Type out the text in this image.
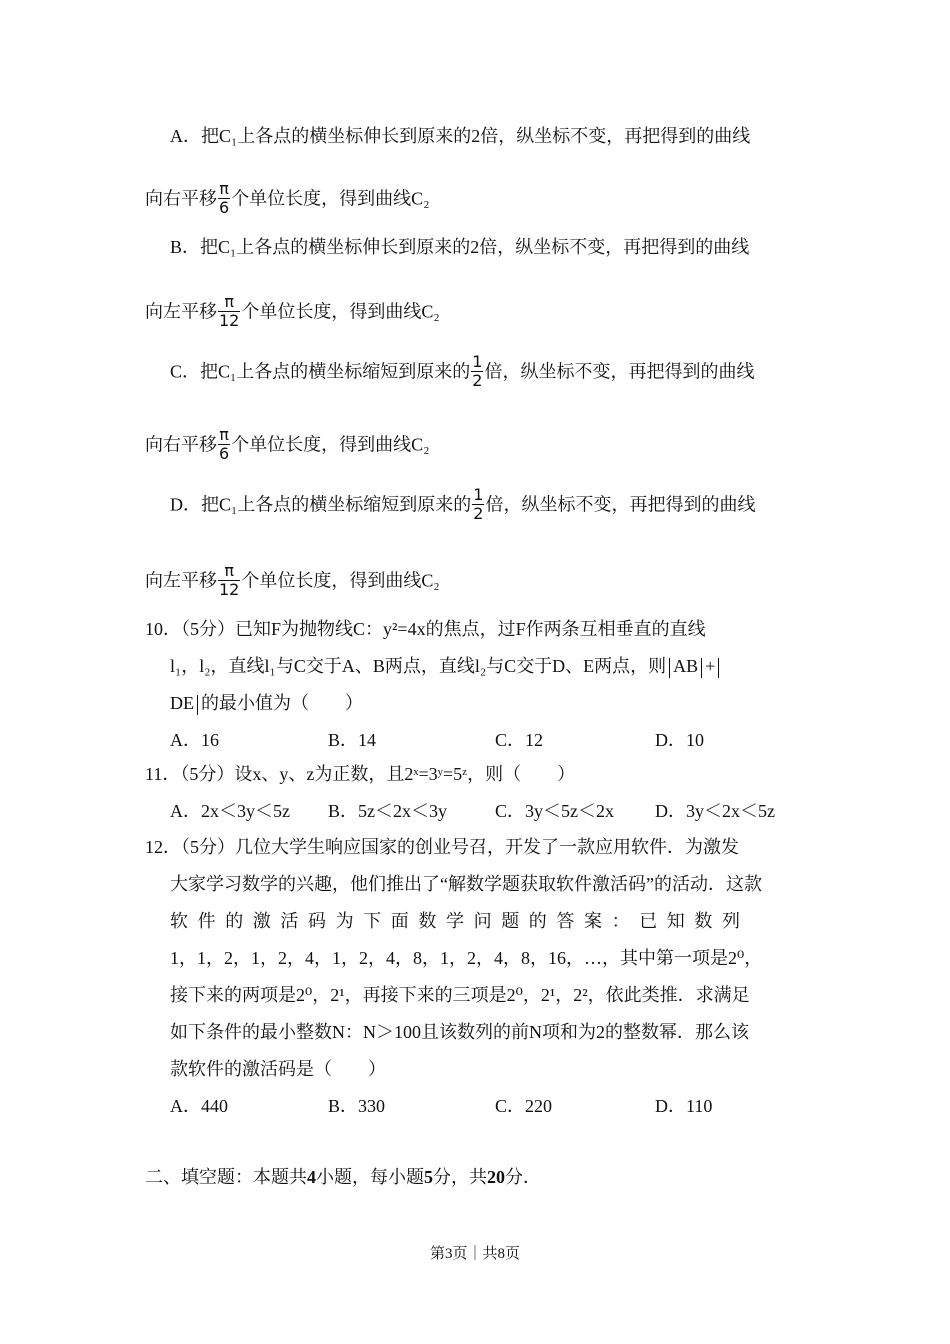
A．把C₁上各点的横坐标伸长到原来的2倍，纵坐标不变，再把得到的曲线
向右平移 $\frac{\pi}{6}$ 个单位长度，得到曲线C₂
B．把C₁上各点的横坐标伸长到原来的2倍，纵坐标不变，再把得到的曲线
向左平移 $\frac{\pi}{12}$ 个单位长度，得到曲线C₂
C．把C₁上各点的横坐标缩短到原来的 $\frac{1}{2}$ 倍，纵坐标不变，再把得到的曲线
向右平移 $\frac{\pi}{6}$ 个单位长度，得到曲线C₂
D．把C₁上各点的横坐标缩短到原来的 $\frac{1}{2}$ 倍，纵坐标不变，再把得到的曲线
向左平移 $\frac{\pi}{12}$ 个单位长度，得到曲线C₂
10．（5分）已知F为抛物线C：y²=4x的焦点，过F作两条互相垂直的直线
l₁，l₂，直线l₁与C交于A、B两点，直线l₂与C交于D、E两点，则 AB +
DE 的最小值为（　　）
A．16	B．14	C．12	D．10
11．（5分）设x、y、z为正数，且2ˣ=3ʸ=5ᶻ，则（　　）
A．2x＜3y＜5z B．5z＜2x＜3y	C．3y＜5z＜2x D．3y＜2x＜5z
12．（5分）几位大学生响应国家的创业号召，开发了一款应用软件．为激发
大家学习数学的兴趣，他们推出了“解数学题获取软件激活码”的活动．这款
软件的激活码为下面数学问题的答案：已知数列
1，1，2，1，2，4，1，2，4，8，1，2，4，8，16，…，其中第一项是2⁰，
接下来的两项是2⁰，2¹，再接下来的三项是2⁰，2¹，2²，依此类推．求满足
如下条件的最小整数N：N＞100且该数列的前N项和为2的整数幂．那么该
款软件的激活码是（　　）
A．440	B．330	C．220	D．110
二、填空题：本题共4小题，每小题5分，共20分．
第3页｜共8页
